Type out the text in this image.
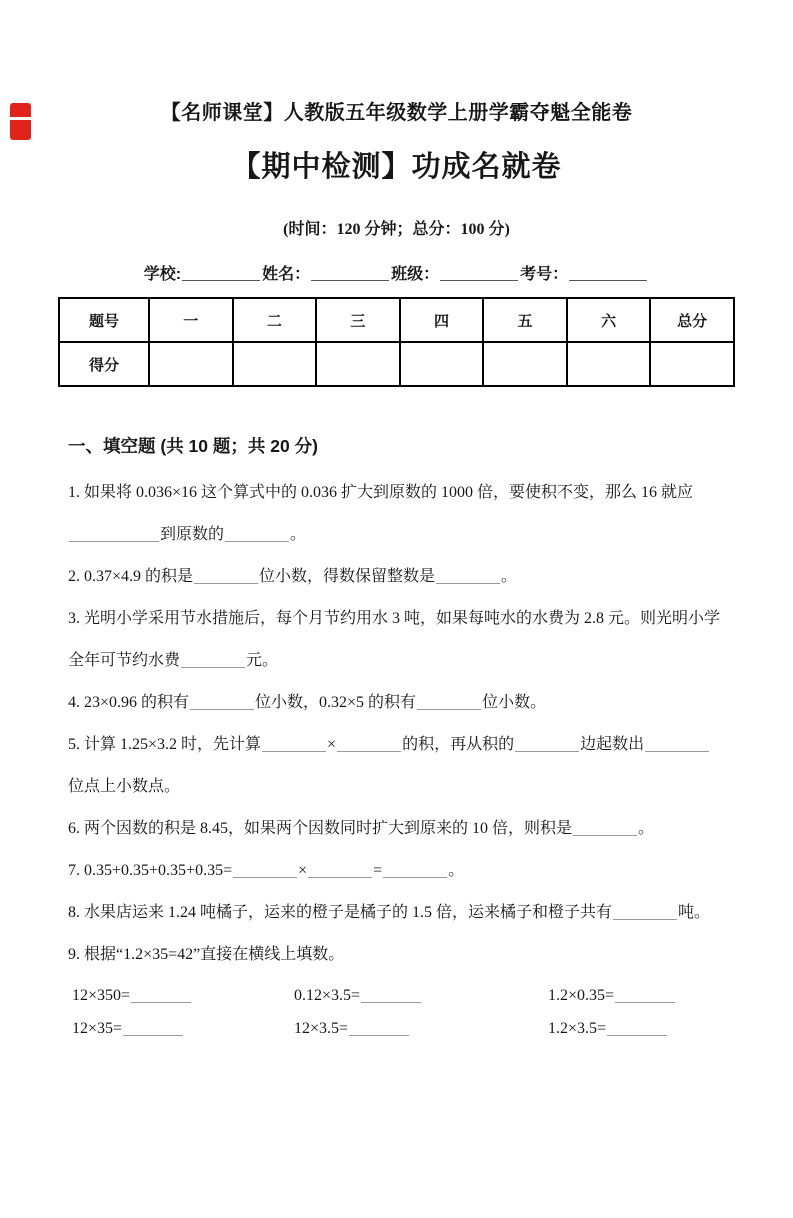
【名师课堂】人教版五年级数学上册学霸夺魁全能卷
【期中检测】功成名就卷
(时间：120 分钟；总分：100 分)
学校:	姓名：	班级：	考号：
题号	一	二	三	四	五	六	总分
得分							
一、填空题 (共 10 题；共 20 分)
1. 如果将 0.036×16 这个算式中的 0.036 扩大到原数的 1000 倍，要使积不变，那么 16 就应
到原数的	。
2. 0.37×4.9 的积是	位小数，得数保留整数是	。
3. 光明小学采用节水措施后，每个月节约用水 3 吨，如果每吨水的水费为 2.8 元。则光明小学
全年可节约水费	元。
4. 23×0.96 的积有	位小数，0.32×5 的积有	位小数。
5. 计算 1.25×3.2 时，先计算	×	的积，再从积的	边起数出
位点上小数点。
6. 两个因数的积是 8.45，如果两个因数同时扩大到原来的 10 倍，则积是	。
7. 0.35+0.35+0.35+0.35=	×	=	。
8. 水果店运来 1.24 吨橘子，运来的橙子是橘子的 1.5 倍，运来橘子和橙子共有	吨。
9. 根据“1.2×35=42”直接在横线上填数。
12×350=	0.12×3.5=	1.2×0.35=
12×35=	12×3.5=	1.2×3.5=
